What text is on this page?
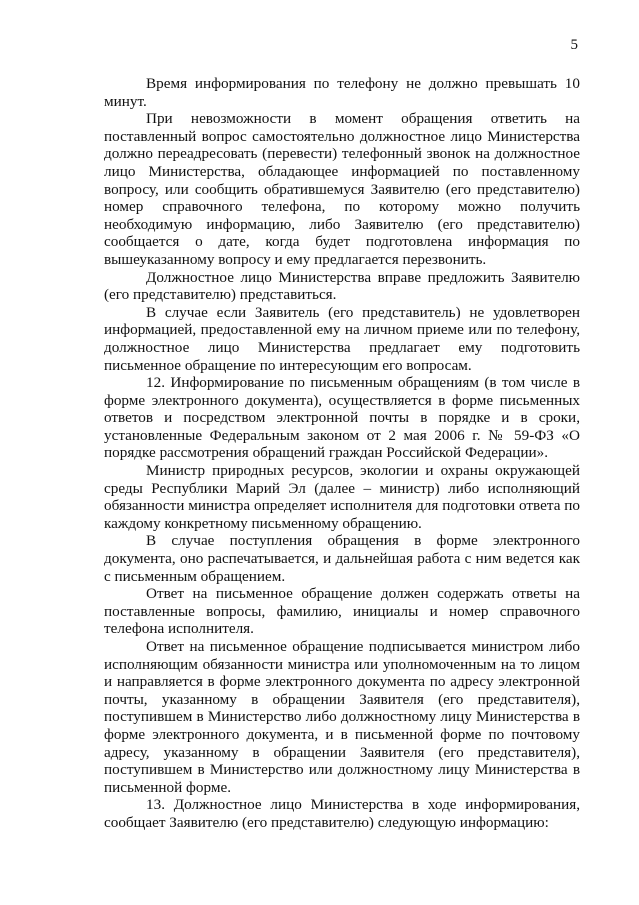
5

Время информирования по телефону не должно превышать 10 минут.

При невозможности в момент обращения ответить на поставленный вопрос самостоятельно должностное лицо Министерства должно переадресовать (перевести) телефонный звонок на должностное лицо Министерства, обладающее информацией по поставленному вопросу, или сообщить обратившемуся Заявителю (его представителю) номер справочного телефона, по которому можно получить необходимую информацию, либо Заявителю (его представителю) сообщается о дате, когда будет подготовлена информация по вышеуказанному вопросу и ему предлагается перезвонить.

Должностное лицо Министерства вправе предложить Заявителю (его представителю) представиться.

В случае если Заявитель (его представитель) не удовлетворен информацией, предоставленной ему на личном приеме или по телефону, должностное лицо Министерства предлагает ему подготовить письменное обращение по интересующим его вопросам.

12. Информирование по письменным обращениям (в том числе в форме электронного документа), осуществляется в форме письменных ответов и посредством электронной почты в порядке и в сроки, установленные Федеральным законом от 2 мая 2006 г. № 59-ФЗ «О порядке рассмотрения обращений граждан Российской Федерации».

Министр природных ресурсов, экологии и охраны окружающей среды Республики Марий Эл (далее – министр) либо исполняющий обязанности министра определяет исполнителя для подготовки ответа по каждому конкретному письменному обращению.

В случае поступления обращения в форме электронного документа, оно распечатывается, и дальнейшая работа с ним ведется как с письменным обращением.

Ответ на письменное обращение должен содержать ответы на поставленные вопросы, фамилию, инициалы и номер справочного телефона исполнителя.

Ответ на письменное обращение подписывается министром либо исполняющим обязанности министра или уполномоченным на то лицом и направляется в форме электронного документа по адресу электронной почты, указанному в обращении Заявителя (его представителя), поступившем в Министерство либо должностному лицу Министерства в форме электронного документа, и в письменной форме по почтовому адресу, указанному в обращении Заявителя (его представителя), поступившем в Министерство или должностному лицу Министерства в письменной форме.

13. Должностное лицо Министерства в ходе информирования, сообщает Заявителю (его представителю) следующую информацию:
